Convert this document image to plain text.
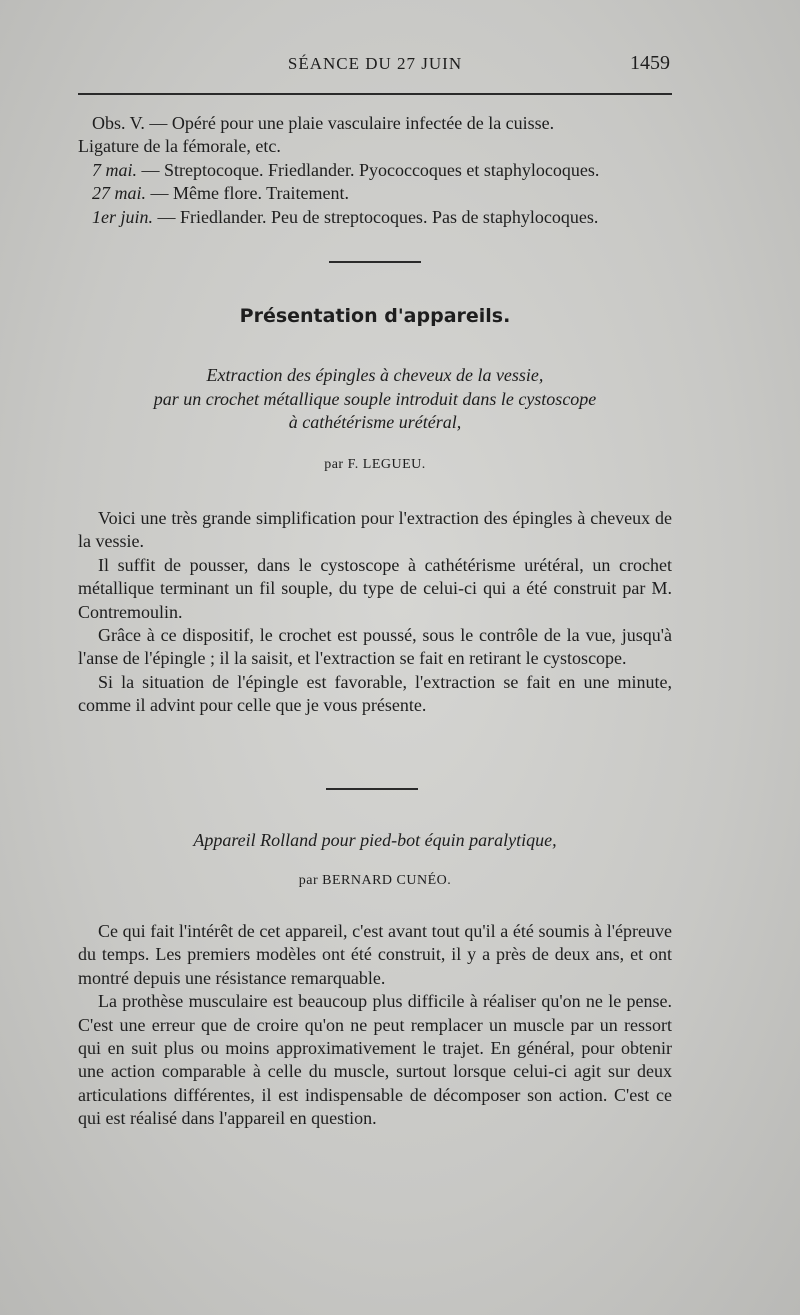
SÉANCE DU 27 JUIN	1459
Obs. V. — Opéré pour une plaie vasculaire infectée de la cuisse.
Ligature de la fémorale, etc.
7 mai. — Streptocoque. Friedlander. Pyococcoques et staphylocoques.
27 mai. — Même flore. Traitement.
1er juin. — Friedlander. Peu de streptocoques. Pas de staphylocoques.
Présentation d'appareils.
Extraction des épingles à cheveux de la vessie,
par un crochet métallique souple introduit dans le cystoscope
à cathétérisme urétéral,
par F. LEGUEU.

Voici une très grande simplification pour l'extraction des épingles à cheveux de la vessie.

Il suffit de pousser, dans le cystoscope à cathétérisme urétéral, un crochet métallique terminant un fil souple, du type de celui-ci qui a été construit par M. Contremoulin.

Grâce à ce dispositif, le crochet est poussé, sous le contrôle de la vue, jusqu'à l'anse de l'épingle ; il la saisit, et l'extraction se fait en retirant le cystoscope.

Si la situation de l'épingle est favorable, l'extraction se fait en une minute, comme il advint pour celle que je vous présente.

Appareil Rolland pour pied-bot équin paralytique,
par BERNARD CUNÉO.

Ce qui fait l'intérêt de cet appareil, c'est avant tout qu'il a été soumis à l'épreuve du temps. Les premiers modèles ont été construit, il y a près de deux ans, et ont montré depuis une résistance remarquable.

La prothèse musculaire est beaucoup plus difficile à réaliser qu'on ne le pense. C'est une erreur que de croire qu'on ne peut remplacer un muscle par un ressort qui en suit plus ou moins approximativement le trajet. En général, pour obtenir une action comparable à celle du muscle, surtout lorsque celui-ci agit sur deux articulations différentes, il est indispensable de décomposer son action. C'est ce qui est réalisé dans l'appareil en question.
